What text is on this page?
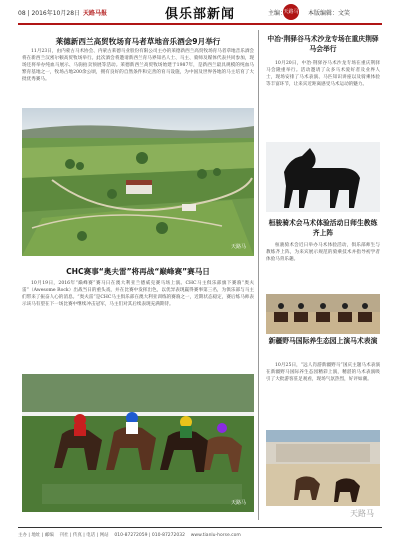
08 | 2016年10月28日 天路马报	俱乐部新闻	天路马
主编：	本版编辑：文笑
莱德新西兰高贸牧场育马者草地音乐酒会9月举行
11月23日，由内蒙古马术协会、内蒙古莱德马业股份有限公司主办的莱德新西兰高贸牧场育马者草地音乐酒会将在新西兰汉密尔顿高贸牧场举行。此次酒会将邀请新西兰育马界知名人士、马主、骑师及媒体代表共同参加，现场还将举办纯血马展示、马驹拍卖预展等活动。莱德新西兰高贸牧场始建于1987年，是新西兰最具规模的纯血马繁育基地之一，牧场占地200余公顷，拥有良好的自然条件和完善的育马设施，为中国及世界各地的马主培育了大批优秀赛马。
天路马
CHC赛事“奥夫雷”将再战“巅峰赛”赛马日
10月19日，2016年“巅峰赛”赛马日在澳大利亚兰德威克赛马场上演。CHC马主俱乐部旗下赛驹“奥夫雷”（Awesome Rock）出战当日的重头戏，并在比赛中发挥出色，以优异表现赢得赛事第三名，为俱乐部与马主们带来了振奋人心的消息。“奥夫雷”是CHC马主俱乐部在澳大利亚训练的赛驹之一，近期状态稳定，赛后练马师表示该马有望在下一场比赛中继续冲击冠军，马主们对其后续表现充满期待。
天路马
中冶·荆驿谷马术沙龙专场在重庆荆驿马会举行
10月20日，中冶·荆驿谷马术沙龙专场在重庆荆驿马会隆重举行。活动邀请了众多马术爱好者及业界人士，现场安排了马术表演、马匹知识讲座以及骑乘体验等丰富环节，让来宾近距离感受马术运动的魅力。
桓骏骑术会马术体验活动日师生教练齐上阵
桓骏骑术会近日举办马术体验活动，俱乐部师生与教练齐上阵，为来宾展示规范的骑乘技术并指导初学者体验马背乐趣。
新疆野马国际养生态园上演马术表演
10月25日，“远人肖游新疆野马”国庆主题马术表演在新疆野马国际养生态园精彩上演，精湛的马术表演吸引了大批游客驻足观看，现场气氛热烈，好评如潮。
天路马
主办 | 地址 | 邮编 刊社 | 传真 | 电话 | 网站 010-87272059 | 010-87272032 www.tianlu-horse.com
